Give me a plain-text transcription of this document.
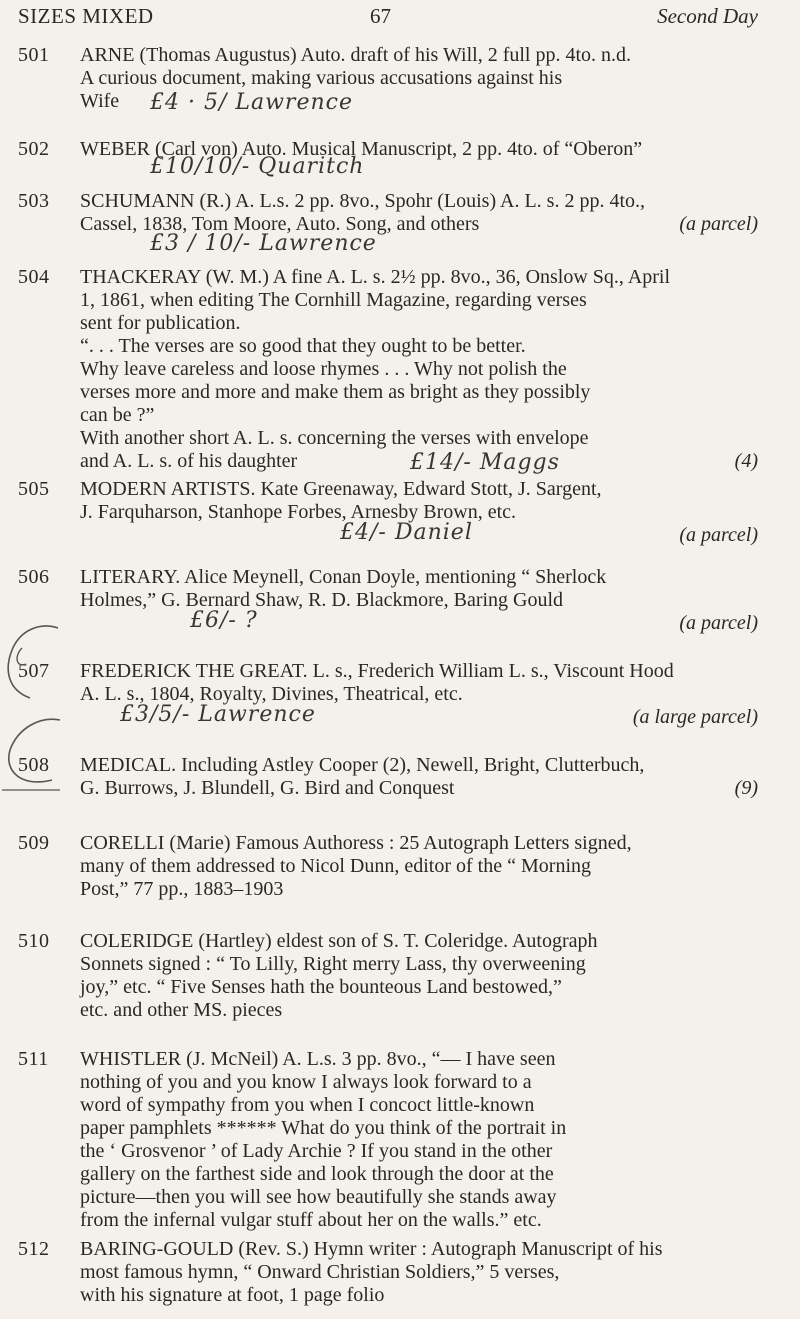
SIZES MIXED	67	Second Day
501	ARNE (Thomas Augustus) Auto. draft of his Will, 2 full pp. 4to. n.d.
A curious document, making various accusations against his
Wife	£4 · 5/ Lawrence
502	WEBER (Carl von) Auto. Musical Manuscript, 2 pp. 4to. of “Oberon”
£10/10/- Quaritch
503	SCHUMANN (R.) A. L.s. 2 pp. 8vo., Spohr (Louis) A. L. s. 2 pp. 4to.,
Cassel, 1838, Tom Moore, Auto. Song, and others	(a parcel)
£3 / 10/- Lawrence
504	THACKERAY (W. M.) A fine A. L. s. 2½ pp. 8vo., 36, Onslow Sq., April
1, 1861, when editing The Cornhill Magazine, regarding verses
sent for publication.
“. . . The verses are so good that they ought to be better.
Why leave careless and loose rhymes . . . Why not polish the
verses more and more and make them as bright as they possibly
can be ?”
With another short A. L. s. concerning the verses with envelope
and A. L. s. of his daughter	(4)
£14/- Maggs
505	MODERN ARTISTS. Kate Greenaway, Edward Stott, J. Sargent,
J. Farquharson, Stanhope Forbes, Arnesby Brown, etc.
(a parcel)
£4/- Daniel
506	LITERARY. Alice Meynell, Conan Doyle, mentioning “ Sherlock
Holmes,” G. Bernard Shaw, R. D. Blackmore, Baring Gould
(a parcel)
£6/- ?
507	FREDERICK THE GREAT. L. s., Frederich William L. s., Viscount Hood
A. L. s., 1804, Royalty, Divines, Theatrical, etc.
(a large parcel)
£3/5/- Lawrence
508	MEDICAL. Including Astley Cooper (2), Newell, Bright, Clutterbuch,
G. Burrows, J. Blundell, G. Bird and Conquest	(9)
509	CORELLI (Marie) Famous Authoress : 25 Autograph Letters signed,
many of them addressed to Nicol Dunn, editor of the “ Morning
Post,” 77 pp., 1883–1903
510	COLERIDGE (Hartley) eldest son of S. T. Coleridge. Autograph
Sonnets signed : “ To Lilly, Right merry Lass, thy overweening
joy,” etc. “ Five Senses hath the bounteous Land bestowed,”
etc. and other MS. pieces
511	WHISTLER (J. McNeil) A. L.s. 3 pp. 8vo., “— I have seen
nothing of you and you know I always look forward to a
word of sympathy from you when I concoct little-known
paper pamphlets ****** What do you think of the portrait in
the ‘ Grosvenor ’ of Lady Archie ? If you stand in the other
gallery on the farthest side and look through the door at the
picture—then you will see how beautifully she stands away
from the infernal vulgar stuff about her on the walls.” etc.
512	BARING-GOULD (Rev. S.) Hymn writer : Autograph Manuscript of his
most famous hymn, “ Onward Christian Soldiers,” 5 verses,
with his signature at foot, 1 page folio
